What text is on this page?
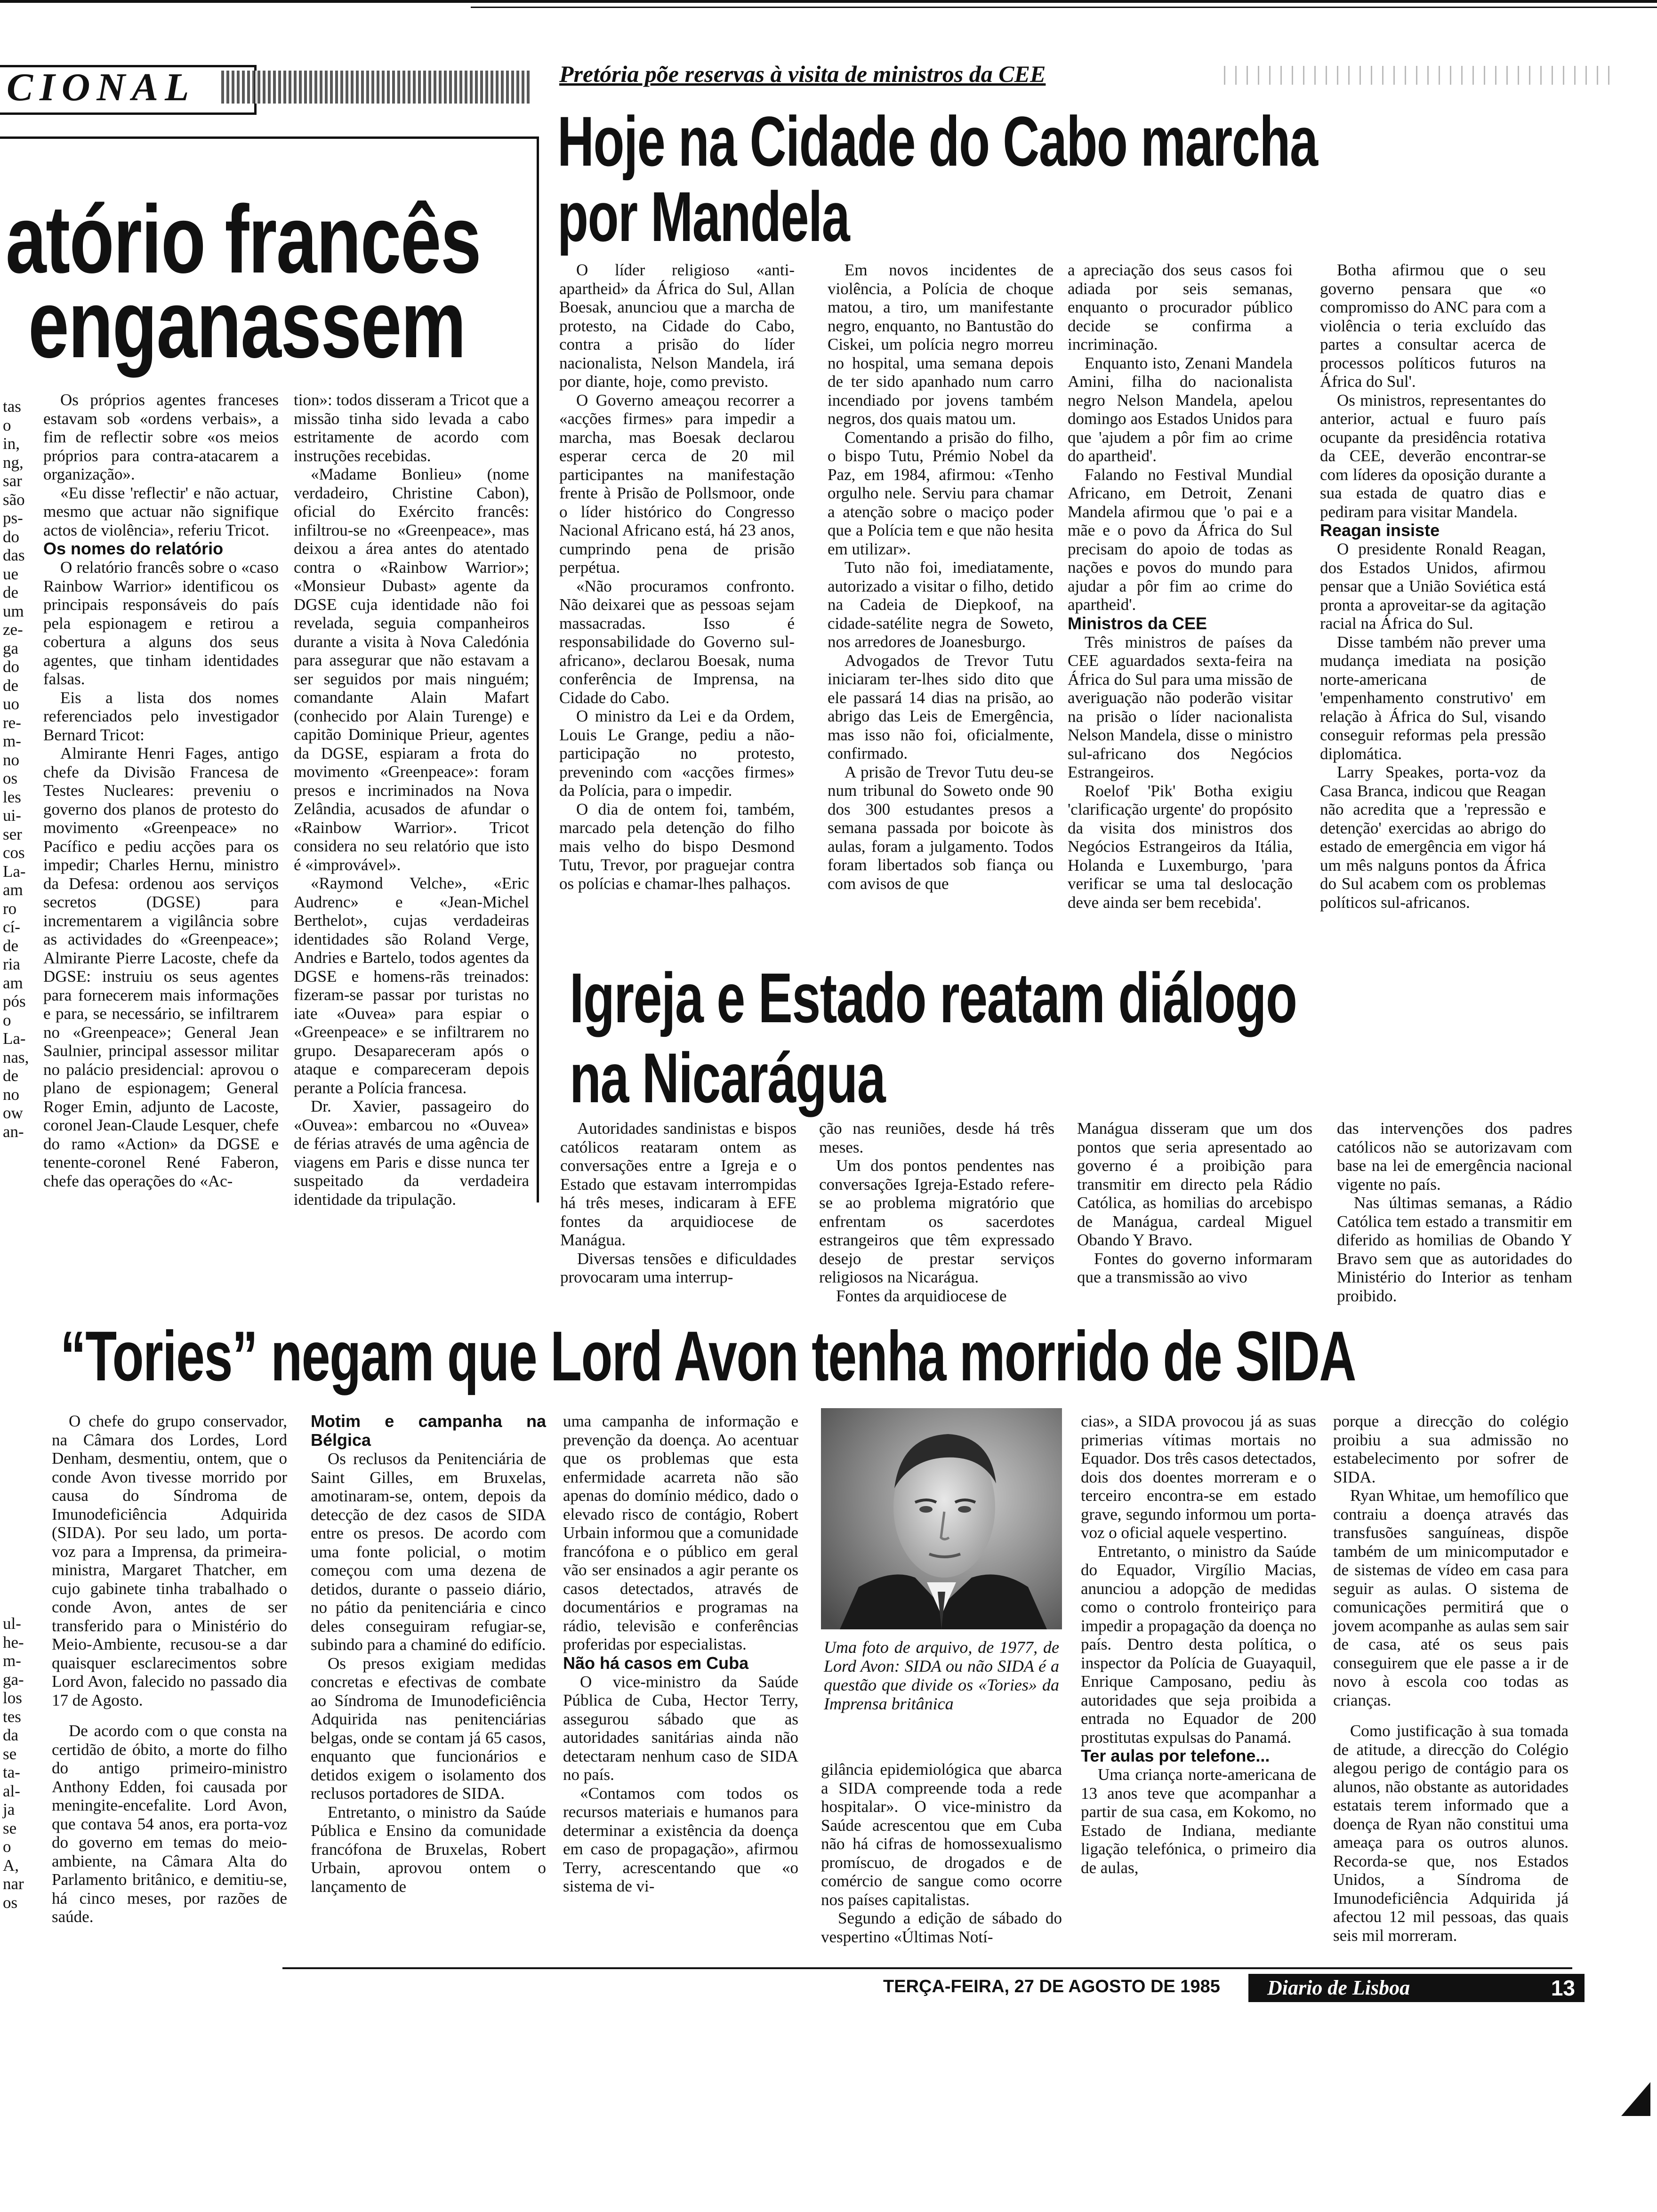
CIONAL
atório francês
enganassem
tas
o
in,
ng,
sar
são
ps-
do
das
ue
de
um
ze-
ga
do
de
uo
re-
m-
no
os
les
ui-
ser
cos
La-
am
ro
cí-
de
ria
am
pós
o
La-
nas,
de
no
ow
an-

Os próprios agentes franceses estavam sob «ordens verbais», a fim de reflectir sobre «os meios próprios para contra-atacarem a organização».

«Eu disse 'reflectir' e não actuar, mesmo que actuar não signifique actos de violência», referiu Tricot.

Os nomes do relatório

O relatório francês sobre o «caso Rainbow Warrior» identificou os principais responsáveis do país pela espionagem e retirou a cobertura a alguns dos seus agentes, que tinham identidades falsas.

Eis a lista dos nomes referenciados pelo investigador Bernard Tricot:

Almirante Henri Fages, antigo chefe da Divisão Francesa de Testes Nucleares: preveniu o governo dos planos de protesto do movimento «Greenpeace» no Pacífico e pediu acções para os impedir; Charles Hernu, ministro da Defesa: ordenou aos serviços secretos (DGSE) para incrementarem a vigilância sobre as actividades do «Greenpeace»; Almirante Pierre Lacoste, chefe da DGSE: instruiu os seus agentes para fornecerem mais informações e para, se necessário, se infiltrarem no «Greenpeace»; General Jean Saulnier, principal assessor militar no palácio presidencial: aprovou o plano de espionagem; General Roger Emin, adjunto de Lacoste, coronel Jean-Claude Lesquer, chefe do ramo «Action» da DGSE e tenente-coronel René Faberon, chefe das operações do «Ac-

tion»: todos disseram a Tricot que a missão tinha sido levada a cabo estritamente de acordo com instruções recebidas.

«Madame Bonlieu» (nome verdadeiro, Christine Cabon), oficial do Exército francês: infiltrou-se no «Greenpeace», mas deixou a área antes do atentado contra o «Rainbow Warrior»; «Monsieur Dubast» agente da DGSE cuja identidade não foi revelada, seguia companheiros durante a visita à Nova Caledónia para assegurar que não estavam a ser seguidos por mais ninguém; comandante Alain Mafart (conhecido por Alain Turenge) e capitão Dominique Prieur, agentes da DGSE, espiaram a frota do movimento «Greenpeace»: foram presos e incriminados na Nova Zelândia, acusados de afundar o «Rainbow Warrior». Tricot considera no seu relatório que isto é «improvável».

«Raymond Velche», «Eric Audrenc» e «Jean-Michel Berthelot», cujas verdadeiras identidades são Roland Verge, Andries e Bartelo, todos agentes da DGSE e homens-rãs treinados: fizeram-se passar por turistas no iate «Ouvea» para espiar o «Greenpeace» e se infiltrarem no grupo. Desapareceram após o ataque e compareceram depois perante a Polícia francesa.

Dr. Xavier, passageiro do «Ouvea»: embarcou no «Ouvea» de férias através de uma agência de viagens em Paris e disse nunca ter suspeitado da verdadeira identidade da tripulação.

Pretória põe reservas à visita de ministros da CEE
Hoje na Cidade do Cabo marcha
por Mandela

O líder religioso «anti-apartheid» da África do Sul, Allan Boesak, anunciou que a marcha de protesto, na Cidade do Cabo, contra a prisão do líder nacionalista, Nelson Mandela, irá por diante, hoje, como previsto.

O Governo ameaçou recorrer a «acções firmes» para impedir a marcha, mas Boesak declarou esperar cerca de 20 mil participantes na manifestação frente à Prisão de Pollsmoor, onde o líder histórico do Congresso Nacional Africano está, há 23 anos, cumprindo pena de prisão perpétua.

«Não procuramos confronto. Não deixarei que as pessoas sejam massacradas. Isso é responsabilidade do Governo sul-africano», declarou Boesak, numa conferência de Imprensa, na Cidade do Cabo.

O ministro da Lei e da Ordem, Louis Le Grange, pediu a não-participação no protesto, prevenindo com «acções firmes» da Polícia, para o impedir.

O dia de ontem foi, também, marcado pela detenção do filho mais velho do bispo Desmond Tutu, Trevor, por praguejar contra os polícias e chamar-lhes palhaços.

Em novos incidentes de violência, a Polícia de choque matou, a tiro, um manifestante negro, enquanto, no Bantustão do Ciskei, um polícia negro morreu no hospital, uma semana depois de ter sido apanhado num carro incendiado por jovens também negros, dos quais matou um.

Comentando a prisão do filho, o bispo Tutu, Prémio Nobel da Paz, em 1984, afirmou: «Tenho orgulho nele. Serviu para chamar a atenção sobre o maciço poder que a Polícia tem e que não hesita em utilizar».

Tuto não foi, imediatamente, autorizado a visitar o filho, detido na Cadeia de Diepkoof, na cidade-satélite negra de Soweto, nos arredores de Joanesburgo.

Advogados de Trevor Tutu iniciaram ter-lhes sido dito que ele passará 14 dias na prisão, ao abrigo das Leis de Emergência, mas isso não foi, oficialmente, confirmado.

A prisão de Trevor Tutu deu-se num tribunal do Soweto onde 90 dos 300 estudantes presos a semana passada por boicote às aulas, foram a julgamento. Todos foram libertados sob fiança ou com avisos de que

a apreciação dos seus casos foi adiada por seis semanas, enquanto o procurador público decide se confirma a incriminação.

Enquanto isto, Zenani Mandela Amini, filha do nacionalista negro Nelson Mandela, apelou domingo aos Estados Unidos para que 'ajudem a pôr fim ao crime do apartheid'.

Falando no Festival Mundial Africano, em Detroit, Zenani Mandela afirmou que 'o pai e a mãe e o povo da África do Sul precisam do apoio de todas as nações e povos do mundo para ajudar a pôr fim ao crime do apartheid'.

Ministros da CEE

Três ministros de países da CEE aguardados sexta-feira na África do Sul para uma missão de averiguação não poderão visitar na prisão o líder nacionalista Nelson Mandela, disse o ministro sul-africano dos Negócios Estrangeiros.

Roelof 'Pik' Botha exigiu 'clarificação urgente' do propósito da visita dos ministros dos Negócios Estrangeiros da Itália, Holanda e Luxemburgo, 'para verificar se uma tal deslocação deve ainda ser bem recebida'.

Botha afirmou que o seu governo pensara que «o compromisso do ANC para com a violência o teria excluído das partes a consultar acerca de processos políticos futuros na África do Sul'.

Os ministros, representantes do anterior, actual e fuuro país ocupante da presidência rotativa da CEE, deverão encontrar-se com líderes da oposição durante a sua estada de quatro dias e pediram para visitar Mandela.

Reagan insiste

O presidente Ronald Reagan, dos Estados Unidos, afirmou pensar que a União Soviética está pronta a aproveitar-se da agitação racial na África do Sul.

Disse também não prever uma mudança imediata na posição norte-americana de 'empenhamento construtivo' em relação à África do Sul, visando conseguir reformas pela pressão diplomática.

Larry Speakes, porta-voz da Casa Branca, indicou que Reagan não acredita que a 'repressão e detenção' exercidas ao abrigo do estado de emergência em vigor há um mês nalguns pontos da África do Sul acabem com os problemas políticos sul-africanos.

Igreja e Estado reatam diálogo
na Nicarágua

Autoridades sandinistas e bispos católicos reataram ontem as conversações entre a Igreja e o Estado que estavam interrompidas há três meses, indicaram à EFE fontes da arquidiocese de Manágua.

Diversas tensões e dificuldades provocaram uma interrup-

ção nas reuniões, desde há três meses.

Um dos pontos pendentes nas conversações Igreja-Estado refere-se ao problema migratório que enfrentam os sacerdotes estrangeiros que têm expressado desejo de prestar serviços religiosos na Nicarágua.

Fontes da arquidiocese de

Manágua disseram que um dos pontos que seria apresentado ao governo é a proibição para transmitir em directo pela Rádio Católica, as homilias do arcebispo de Manágua, cardeal Miguel Obando Y Bravo.

Fontes do governo informaram que a transmissão ao vivo

das intervenções dos padres católicos não se autorizavam com base na lei de emergência nacional vigente no país.

Nas últimas semanas, a Rádio Católica tem estado a transmitir em diferido as homilias de Obando Y Bravo sem que as autoridades do Ministério do Interior as tenham proibido.

“Tories” negam que Lord Avon tenha morrido de SIDA
ul-
he-
m-
ga-
los
tes
da
se
ta-
al-
ja
se
o
A,
nar
os

O chefe do grupo conservador, na Câmara dos Lordes, Lord Denham, desmentiu, ontem, que o conde Avon tivesse morrido por causa do Síndroma de Imunodeficiência Adquirida (SIDA). Por seu lado, um porta-voz para a Imprensa, da primeira-ministra, Margaret Thatcher, em cujo gabinete tinha trabalhado o conde Avon, antes de ser transferido para o Ministério do Meio-Ambiente, recusou-se a dar quaisquer esclarecimentos sobre Lord Avon, falecido no passado dia 17 de Agosto.

De acordo com o que consta na certidão de óbito, a morte do filho do antigo primeiro-ministro Anthony Edden, foi causada por meningite-encefalite. Lord Avon, que contava 54 anos, era porta-voz do governo em temas do meio-ambiente, na Câmara Alta do Parlamento britânico, e demitiu-se, há cinco meses, por razões de saúde.

Motim e campanha na Bélgica

Os reclusos da Penitenciária de Saint Gilles, em Bruxelas, amotinaram-se, ontem, depois da detecção de dez casos de SIDA entre os presos. De acordo com uma fonte policial, o motim começou com uma dezena de detidos, durante o passeio diário, no pátio da penitenciária e cinco deles conseguiram refugiar-se, subindo para a chaminé do edifício.

Os presos exigiam medidas concretas e efectivas de combate ao Síndroma de Imunodeficiência Adquirida nas penitenciárias belgas, onde se contam já 65 casos, enquanto que funcionários e detidos exigem o isolamento dos reclusos portadores de SIDA.

Entretanto, o ministro da Saúde Pública e Ensino da comunidade francófona de Bruxelas, Robert Urbain, aprovou ontem o lançamento de

uma campanha de informação e prevenção da doença. Ao acentuar que os problemas que esta enfermidade acarreta não são apenas do domínio médico, dado o elevado risco de contágio, Robert Urbain informou que a comunidade francófona e o público em geral vão ser ensinados a agir perante os casos detectados, através de documentários e programas na rádio, televisão e conferências proferidas por especialistas.

Não há casos em Cuba

O vice-ministro da Saúde Pública de Cuba, Hector Terry, assegurou sábado que as autoridades sanitárias ainda não detectaram nenhum caso de SIDA no país.

«Contamos com todos os recursos materiais e humanos para determinar a existência da doença em caso de propagação», afirmou Terry, acrescentando que «o sistema de vi-

Uma foto de arquivo, de 1977, de Lord Avon: SIDA ou não SIDA é a questão que divide os «Tories» da Imprensa britânica

gilância epidemiológica que abarca a SIDA compreende toda a rede hospitalar». O vice-ministro da Saúde acrescentou que em Cuba não há cifras de homossexualismo promíscuo, de drogados e de comércio de sangue como ocorre nos países capitalistas.

Segundo a edição de sábado do vespertino «Últimas Notí-

cias», a SIDA provocou já as suas primerias vítimas mortais no Equador. Dos três casos detectados, dois dos doentes morreram e o terceiro encontra-se em estado grave, segundo informou um porta-voz o oficial aquele vespertino.

Entretanto, o ministro da Saúde do Equador, Virgílio Macias, anunciou a adopção de medidas como o controlo fronteiriço para impedir a propagação da doença no país. Dentro desta política, o inspector da Polícia de Guayaquil, Enrique Camposano, pediu às autoridades que seja proibida a entrada no Equador de 200 prostitutas expulsas do Panamá.

Ter aulas por telefone...

Uma criança norte-americana de 13 anos teve que acompanhar a partir de sua casa, em Kokomo, no Estado de Indiana, mediante ligação telefónica, o primeiro dia de aulas,

porque a direcção do colégio proibiu a sua admissão no estabelecimento por sofrer de SIDA.

Ryan Whitae, um hemofílico que contraiu a doença através das transfusões sanguíneas, dispõe também de um minicomputador e de sistemas de vídeo em casa para seguir as aulas. O sistema de comunicações permitirá que o jovem acompanhe as aulas sem sair de casa, até os seus pais conseguirem que ele passe a ir de novo à escola coo todas as crianças.

Como justificação à sua tomada de atitude, a direcção do Colégio alegou perigo de contágio para os alunos, não obstante as autoridades estatais terem informado que a doença de Ryan não constitui uma ameaça para os outros alunos. Recorda-se que, nos Estados Unidos, a Síndroma de Imunodeficiência Adquirida já afectou 12 mil pessoas, das quais seis mil morreram.

TERÇA-FEIRA, 27 DE AGOSTO DE 1985	Diario de Lisboa	13
